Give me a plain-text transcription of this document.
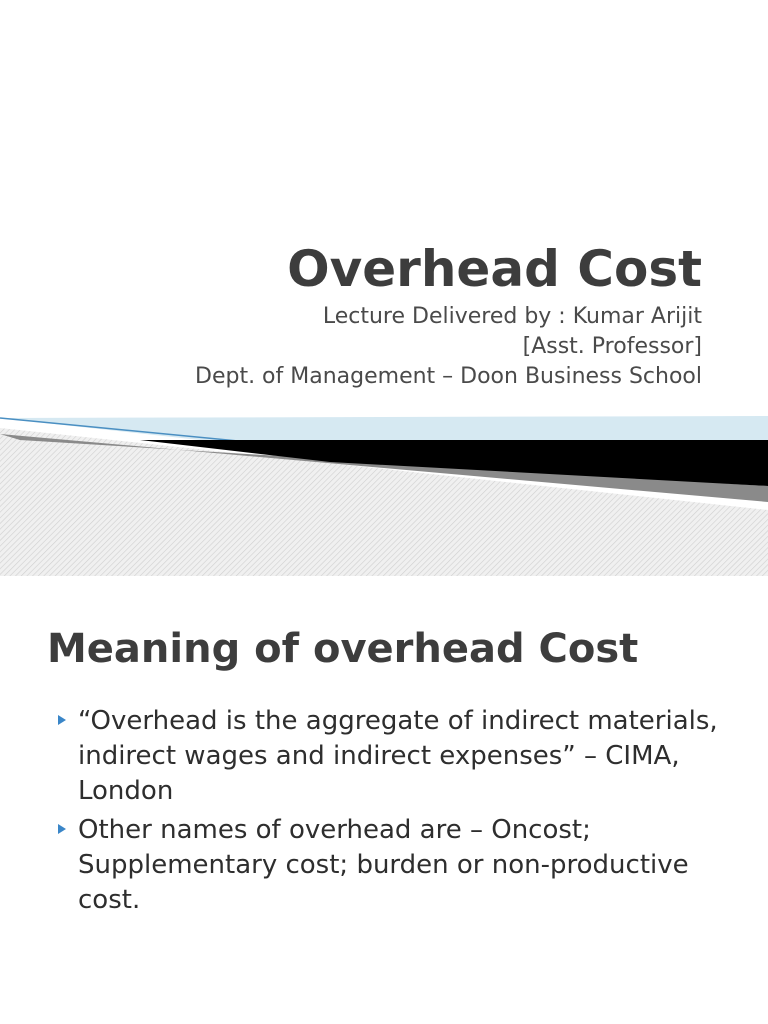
Overhead Cost
Lecture Delivered by : Kumar Arijit
[Asst. Professor]
Dept. of Management – Doon Business School
Meaning of overhead Cost
“Overhead is the aggregate of indirect materials, indirect wages and indirect expenses” – CIMA, London
Other names of overhead are – Oncost; Supplementary cost; burden or non-productive cost.
